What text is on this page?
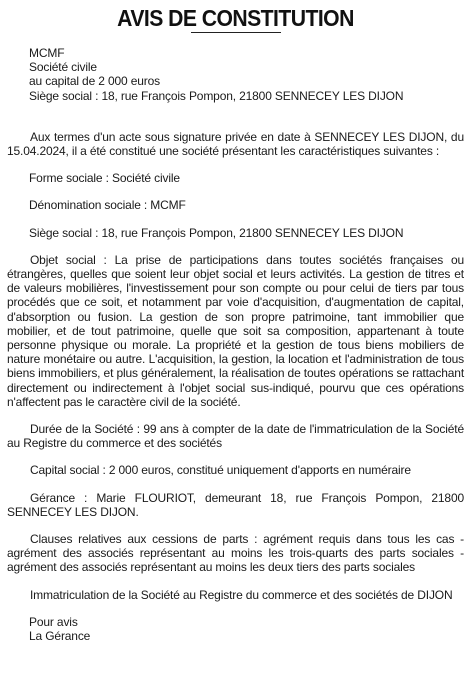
AVIS DE CONSTITUTION
MCMF
Société civile
au capital de 2 000 euros
Siège social : 18, rue François Pompon, 21800 SENNECEY LES DIJON

Aux termes d'un acte sous signature privée en date à SENNECEY LES DIJON, du 15.04.2024, il a été constitué une société présentant les caractéristiques suivantes :

Forme sociale : Société civile
Dénomination sociale : MCMF
Siège social : 18, rue François Pompon, 21800 SENNECEY LES DIJON

Objet social : La prise de participations dans toutes sociétés françaises ou étrangères, quelles que soient leur objet social et leurs activités. La gestion de titres et de valeurs mobilières, l'investissement pour son compte ou pour celui de tiers par tous procédés que ce soit, et notamment par voie d'acquisition, d'augmentation de capital, d'absorption ou fusion. La gestion de son propre patrimoine, tant immobilier que mobilier, et de tout patrimoine, quelle que soit sa composition, appartenant à toute personne physique ou morale. La propriété et la gestion de tous biens mobiliers de nature monétaire ou autre. L'acquisition, la gestion, la location et l'administration de tous biens immobiliers, et plus généralement, la réalisation de toutes opérations se rattachant directement ou indirectement à l'objet social sus-indiqué, pourvu que ces opérations n'affectent pas le caractère civil de la société.

Durée de la Société : 99 ans à compter de la date de l'immatriculation de la Société au Registre du commerce et des sociétés

Capital social : 2 000 euros, constitué uniquement d'apports en numéraire

Gérance : Marie FLOURIOT, demeurant 18, rue François Pompon, 21800 SENNECEY LES DIJON.

Clauses relatives aux cessions de parts : agrément requis dans tous les cas - agrément des associés représentant au moins les trois-quarts des parts sociales - agrément des associés représentant au moins les deux tiers des parts sociales

Immatriculation de la Société au Registre du commerce et des sociétés de DIJON

Pour avis
La Gérance
